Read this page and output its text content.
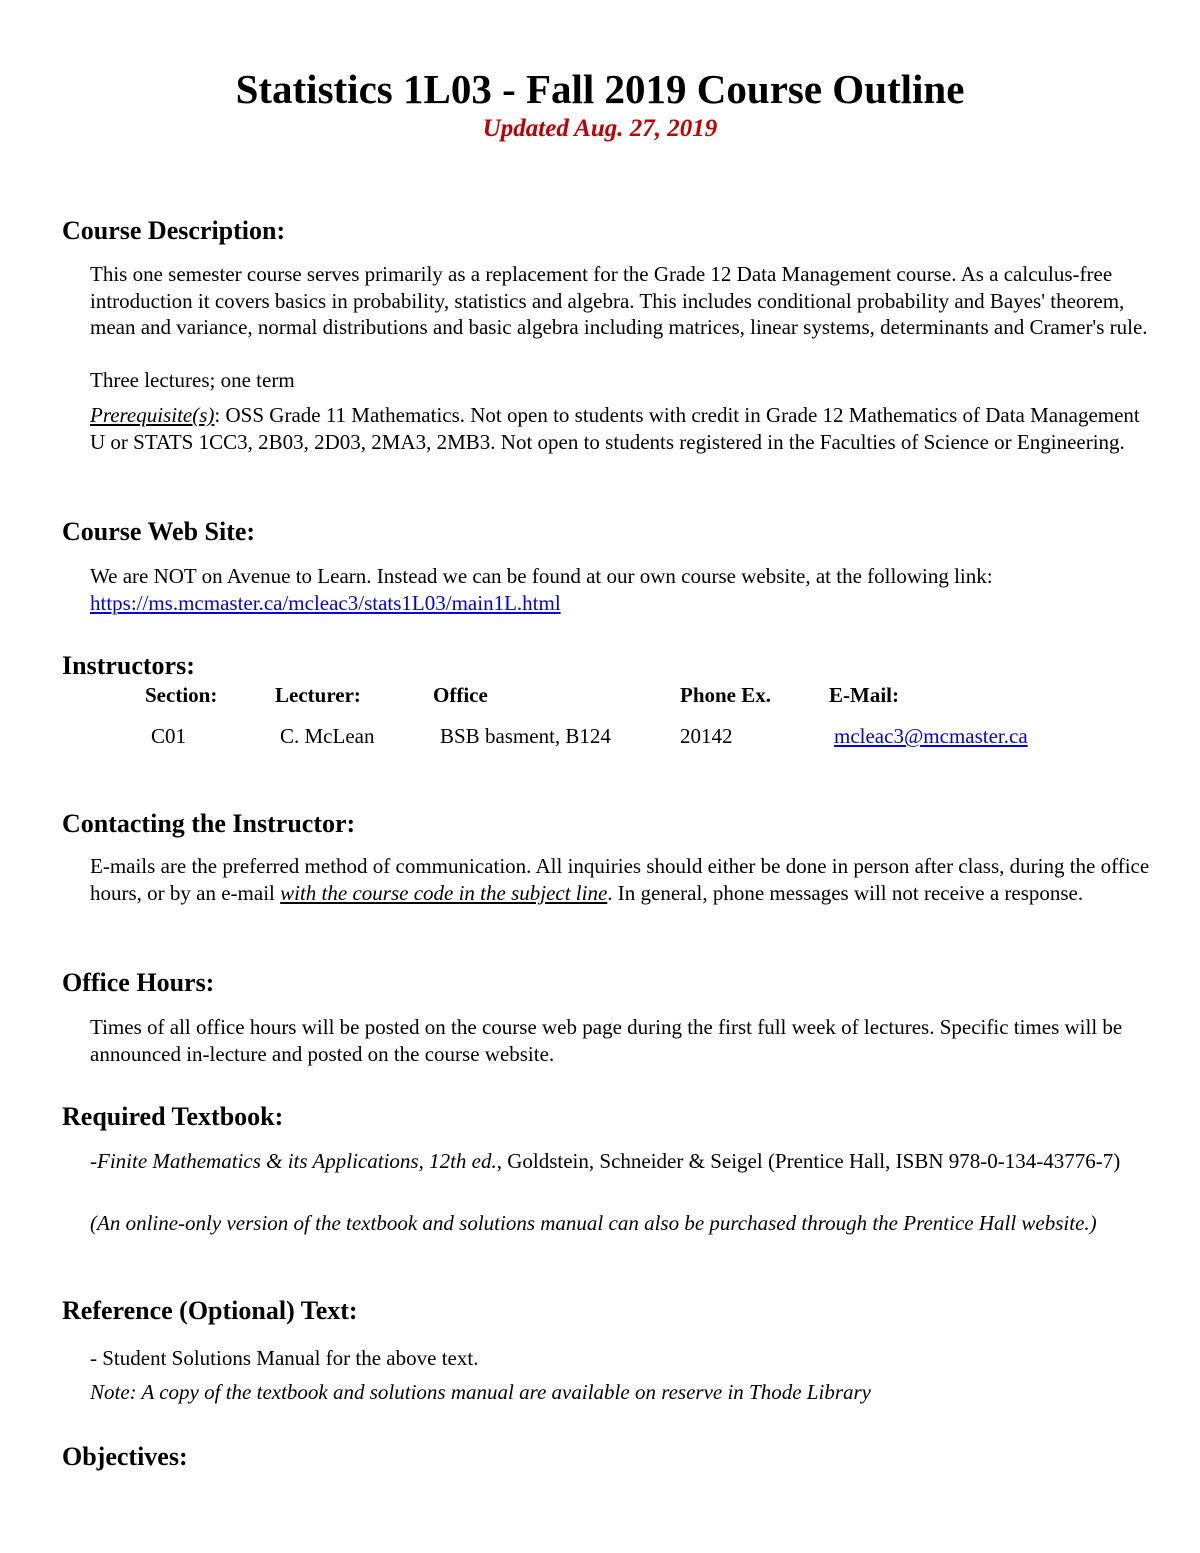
Statistics 1L03 - Fall 2019 Course Outline
Updated Aug. 27, 2019
Course Description:

This one semester course serves primarily as a replacement for the Grade 12 Data Management course. As a calculus-free introduction it covers basics in probability, statistics and algebra. This includes conditional probability and Bayes' theorem, mean and variance, normal distributions and basic algebra including matrices, linear systems, determinants and Cramer's rule.

Three lectures; one term

Prerequisite(s): OSS Grade 11 Mathematics. Not open to students with credit in Grade 12 Mathematics of Data Management U or STATS 1CC3, 2B03, 2D03, 2MA3, 2MB3. Not open to students registered in the Faculties of Science or Engineering.

Course Web Site:

We are NOT on Avenue to Learn. Instead we can be found at our own course website, at the following link:
https://ms.mcmaster.ca/mcleac3/stats1L03/main1L.html

Instructors:
Section:	Lecturer:	Office	Phone Ex.	E-Mail:
C01	C. McLean	BSB basment, B124	20142	mcleac3@mcmaster.ca
Contacting the Instructor:

E-mails are the preferred method of communication. All inquiries should either be done in person after class, during the office hours, or by an e-mail with the course code in the subject line. In general, phone messages will not receive a response.

Office Hours:

Times of all office hours will be posted on the course web page during the first full week of lectures. Specific times will be announced in-lecture and posted on the course website.

Required Textbook:

-Finite Mathematics & its Applications, 12th ed., Goldstein, Schneider & Seigel (Prentice Hall, ISBN 978-0-134-43776-7)

(An online-only version of the textbook and solutions manual can also be purchased through the Prentice Hall website.)

Reference (Optional) Text:

- Student Solutions Manual for the above text.

Note: A copy of the textbook and solutions manual are available on reserve in Thode Library

Objectives:
